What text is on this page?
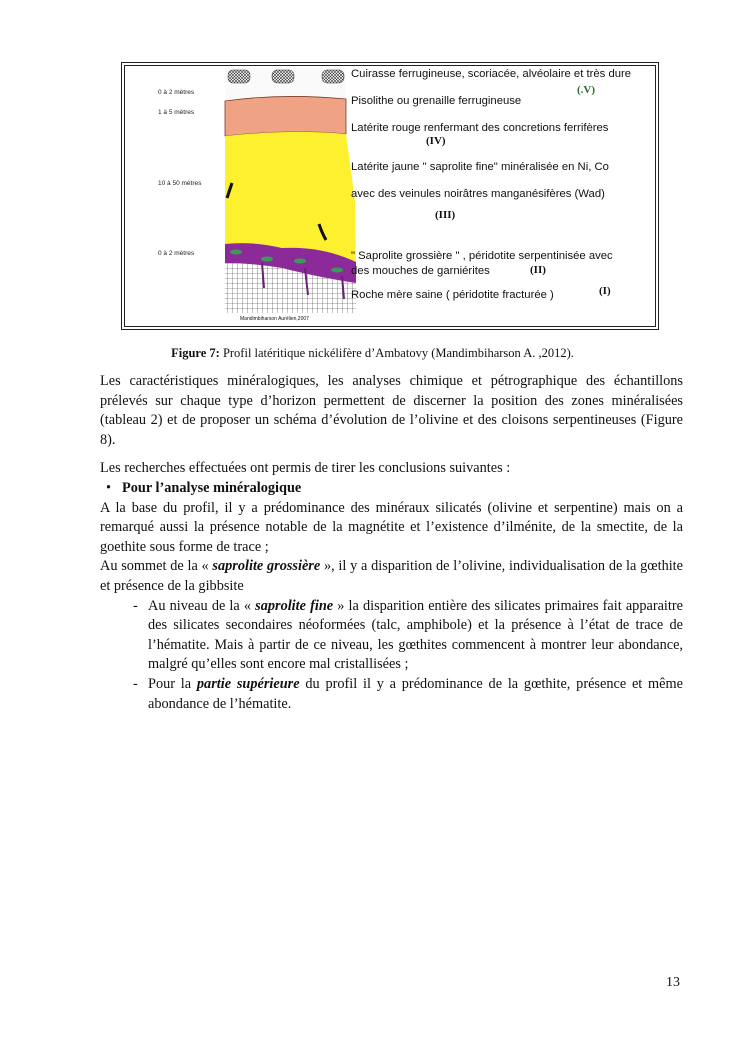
0 à 2 mètres
1 à 5 mètres
10 à 50 mètres
0 à 2 mètres
Cuirasse ferrugineuse, scoriacée, alvéolaire et très dure
Pisolithe ou grenaille ferrugineuse
Latérite rouge renfermant des concretions ferrifères
Latérite jaune " saprolite fine" minéralisée en Ni, Co
avec des veinules noirâtres manganésifères (Wad)
" Saprolite grossière " , péridotite serpentinisée avec
des mouches de garniérites
Roche mère saine ( péridotite fracturée )
(.V)
(IV)
(III)
(II)
(I)
Mandimbiharson Aurélien,2007
Figure 7: Profil latéritique nickélifère d’Ambatovy (Mandimbiharson A. ,2012).

Les caractéristiques minéralogiques, les analyses chimique et pétrographique des échantillons prélevés sur chaque type d’horizon permettent de discerner la position des zones minéralisées (tableau 2) et de proposer un schéma d’évolution de l’olivine et des cloisons serpentineuses (Figure 8).

Les recherches effectuées ont permis de tirer les conclusions suivantes :

• Pour l’analyse minéralogique

A la base du profil, il y a prédominance des minéraux silicatés (olivine et serpentine) mais on a remarqué aussi la présence notable de la magnétite et l’existence d’ilménite, de la smectite, de la goethite sous forme de trace ;

Au sommet de la « saprolite grossière », il y a disparition de l’olivine, individualisation de la gœthite et présence de la gibbsite

- Au niveau de la « saprolite fine » la disparition entière des silicates primaires fait apparaitre des silicates secondaires néoformées (talc, amphibole) et la présence à l’état de trace de l’hématite. Mais à partir de ce niveau, les gœthites commencent à montrer leur abondance, malgré qu’elles sont encore mal cristallisées ;

- Pour la partie supérieure du profil il y a prédominance de la gœthite, présence et même abondance de l’hématite.

13
